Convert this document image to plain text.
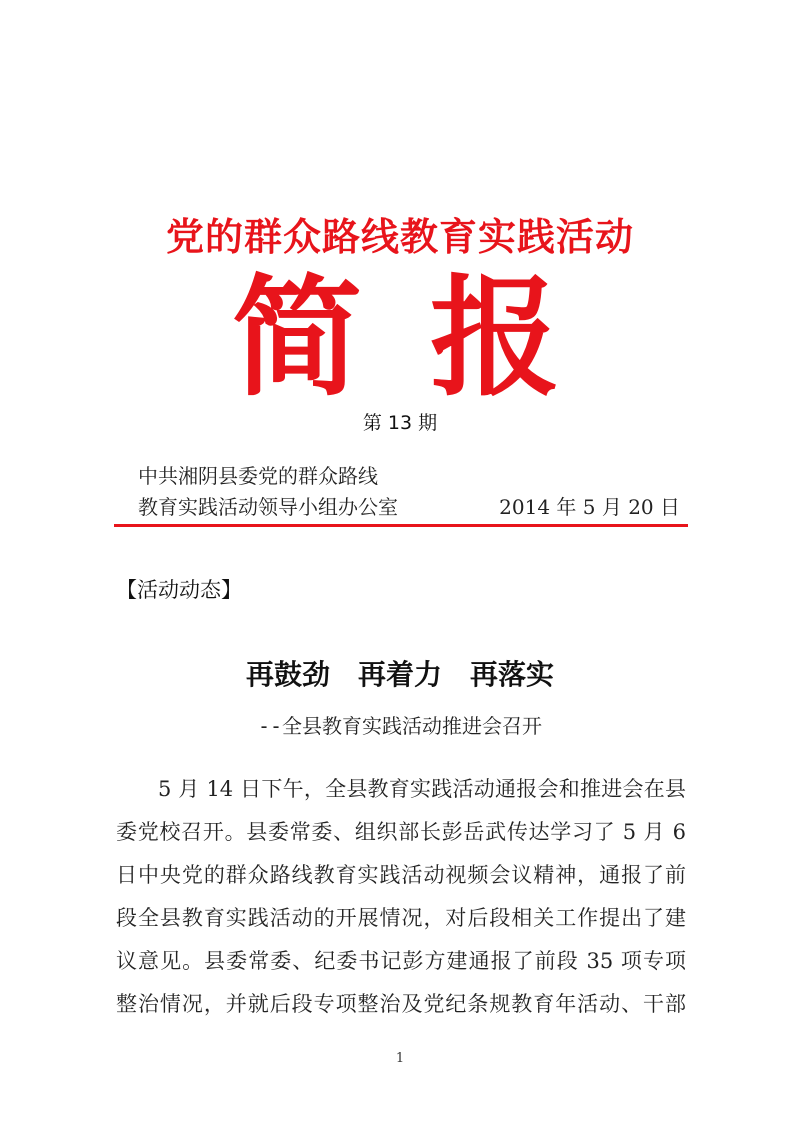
党的群众路线教育实践活动
简 报
第 13 期
中共湘阴县委党的群众路线
教育实践活动领导小组办公室	2014 年 5 月 20 日
【活动动态】
再鼓劲　再着力　再落实
--全县教育实践活动推进会召开
5 月 14 日下午，全县教育实践活动通报会和推进会在县
委党校召开。县委常委、组织部长彭岳武传达学习了 5 月 6
日中央党的群众路线教育实践活动视频会议精神，通报了前
段全县教育实践活动的开展情况，对后段相关工作提出了建
议意见。县委常委、纪委书记彭方建通报了前段 35 项专项
整治情况，并就后段专项整治及党纪条规教育年活动、干部
1
